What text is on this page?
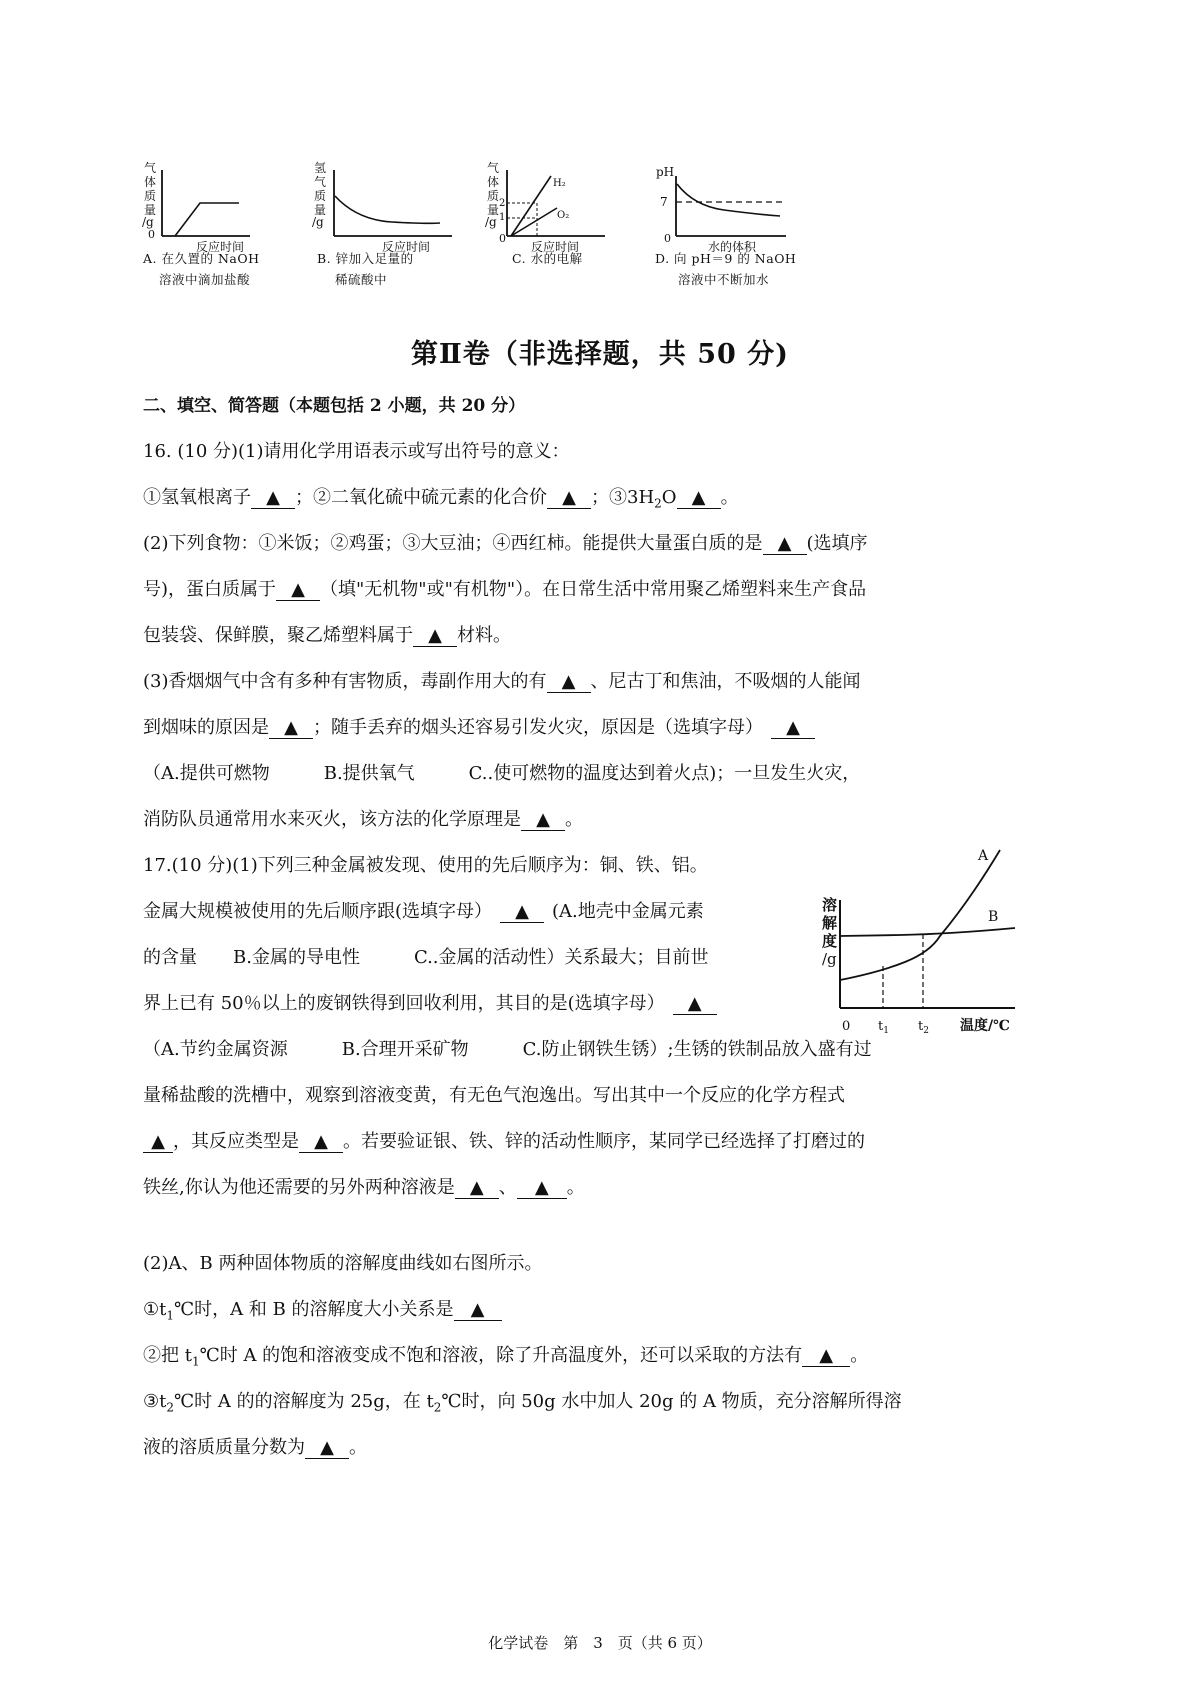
气
体
质
量
/g
0
反应时间
A. 在久置的 NaOH
溶液中滴加盐酸
氢
气
质
量
/g
反应时间
B. 锌加入足量的
稀硫酸中
气
体
质
量
/g
2
1
0
H₂
O₂
反应时间
C. 水的电解
pH
7
0
水的体积
D. 向 pH＝9 的 NaOH
溶液中不断加水
第Ⅱ卷（非选择题，共 50 分)
二、填空、简答题（本题包括 2 小题，共 20 分）
16. (10 分)(1)请用化学用语表示或写出符号的意义：
①氢氧根离子 ▲ ；②二氧化硫中硫元素的化合价 ▲ ；$③3H_2O$ ▲ 。
(2)下列食物：①米饭；②鸡蛋；③大豆油；④西红柿。能提供大量蛋白质的是 ▲ (选填序
号)，蛋白质属于 ▲ （填"无机物"或"有机物"）。在日常生活中常用聚乙烯塑料来生产食品
包装袋、保鲜膜，聚乙烯塑料属于 ▲ 材料。
(3)香烟烟气中含有多种有害物质，毒副作用大的有 ▲ 、尼古丁和焦油，不吸烟的人能闻
到烟味的原因是 ▲ ；随手丢弃的烟头还容易引发火灾，原因是（选填字母） ▲
（A.提供可燃物　　　B.提供氧气　　　C..使可燃物的温度达到着火点)；一旦发生火灾，
消防队员通常用水来灭火，该方法的化学原理是 ▲ 。
17.(10 分)(1)下列三种金属被发现、使用的先后顺序为：铜、铁、铝。
金属大规模被使用的先后顺序跟(选填字母） ▲ (A.地壳中金属元素
的含量　　B.金属的导电性　　　C..金属的活动性）关系最大；目前世
界上已有 50％以上的废钢铁得到回收利用，其目的是(选填字母） ▲
（A.节约金属资源　　　B.合理开采矿物　　　C.防止钢铁生锈）;生锈的铁制品放入盛有过
量稀盐酸的洗槽中，观察到溶液变黄，有无色气泡逸出。写出其中一个反应的化学方程式
▲ ，其反应类型是 ▲ 。若要验证银、铁、锌的活动性顺序，某同学已经选择了打磨过的
铁丝,你认为他还需要的另外两种溶液是 ▲ 、 ▲ 。
(2)A、B 两种固体物质的溶解度曲线如右图所示。
$①t_1℃$时，A 和 B 的溶解度大小关系是 ▲
②把 $t_1℃$时 A 的饱和溶液变成不饱和溶液，除了升高温度外，还可以采取的方法有 ▲ 。
$③t_2℃$时 A 的的溶解度为 25g，在 $t_2℃$时，向 50g 水中加人 20g 的 A 物质，充分溶解所得溶
液的溶质质量分数为 ▲ 。
溶
解
度
/g
A
B
0 $t_1$ $t_2$ 温度/℃
化学试卷　第　3　页（共 6 页）
